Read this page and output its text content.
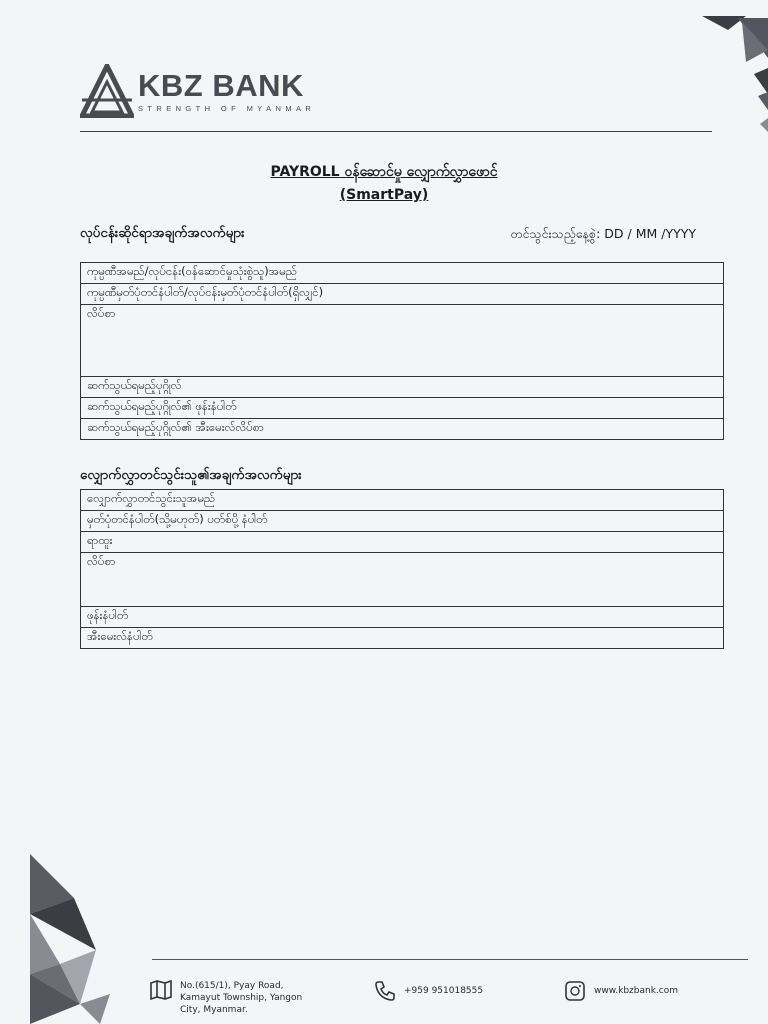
KBZ BANK
STRENGTH OF MYANMAR
PAYROLL ဝန်ဆောင်မှု လျှောက်လွှာဖောင်
(SmartPay)
လုပ်ငန်းဆိုင်ရာအချက်အလက်များ	တင်သွင်းသည့်နေ့စွဲ: DD / MM /YYYY
ကုမ္ပဏီအမည်/လုပ်ငန်း(ဝန်ဆောင်မှုသုံးစွဲသူ)အမည်
ကုမ္ပဏီမှတ်ပုံတင်နံပါတ်/လုပ်ငန်းမှတ်ပုံတင်နံပါတ်(ရှိလျှင်)
လိပ်စာ
ဆက်သွယ်ရမည့်ပုဂ္ဂိုလ်
ဆက်သွယ်ရမည့်ပုဂ္ဂိုလ်၏ ဖုန်းနံပါတ်
ဆက်သွယ်ရမည့်ပုဂ္ဂိုလ်၏ အီးမေးလ်လိပ်စာ
လျှောက်လွှာတင်သွင်းသူ၏အချက်အလက်များ
လျှောက်လွှာတင်သွင်းသူအမည်
မှတ်ပုံတင်နံပါတ်(သို့မဟုတ်) ပတ်စ်ပို့ နံပါတ်
ရာထူး
လိပ်စာ
ဖုန်းနံပါတ်
အီးမေးလ်နံပါတ်
No.(615/1), Pyay Road,
Kamayut Township, Yangon
City, Myanmar.
+959 951018555	www.kbzbank.com
